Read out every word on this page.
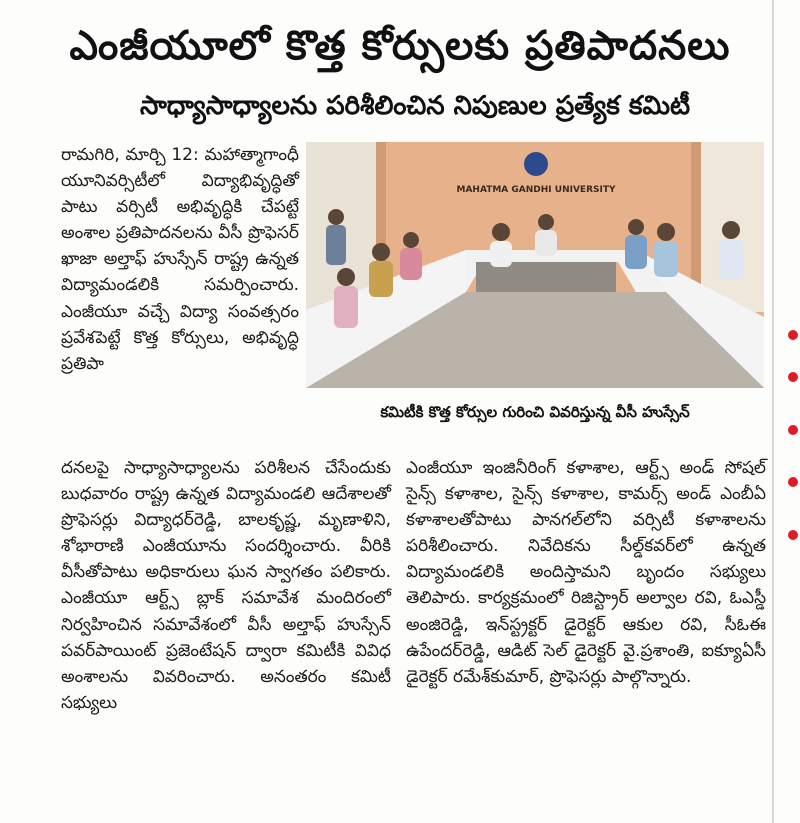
ఎంజీయూలో కొత్త కోర్సులకు ప్రతిపాదనలు
సాధ్యాసాధ్యాలను పరిశీలించిన నిపుణుల ప్రత్యేక కమిటీ

రామగిరి, మార్చి 12: మహాత్మాగాంధీ యూనివర్సిటీలో విద్యాభివృద్ధితో పాటు వర్సిటీ అభివృద్ధికి చేపట్టే అంశాల ప్రతిపాదనలను వీసీ ప్రొఫెసర్ ఖాజా అల్తాఫ్ హుస్సేన్ రాష్ట్ర ఉన్నత విద్యామండలికి సమర్పించారు. ఎంజీయూ వచ్చే విద్యా సంవత్సరం ప్రవేశపెట్టే కొత్త కోర్సులు, అభివృద్ధి ప్రతిపా

MAHATMA GANDHI UNIVERSITY
కమిటీకి కొత్త కోర్సుల గురించి వివరిస్తున్న వీసీ హుస్సేన్

దనలపై సాధ్యాసాధ్యాలను పరిశీలన చేసేందుకు బుధవారం రాష్ట్ర ఉన్నత విద్యామండలి ఆదేశాలతో ప్రొఫెసర్లు విద్యాధర్‌రెడ్డి, బాలకృష్ణ, మృణాళిని, శోభారాణి ఎంజీయూను సందర్శించారు. వీరికి వీసీతోపాటు అధికారులు ఘన స్వాగతం పలికారు. ఎంజీయూ ఆర్ట్స్ బ్లాక్ సమావేశ మందిరంలో నిర్వహించిన సమావేశంలో వీసీ అల్తాఫ్ హుస్సేన్ పవర్‌పాయింట్ ప్రజెంటేషన్ ద్వారా కమిటీకి వివిధ అంశాలను వివరించారు. అనంతరం కమిటీ సభ్యులు

ఎంజీయూ ఇంజినీరింగ్ కళాశాల, ఆర్ట్స్ అండ్ సోషల్ సైన్స్ కళాశాల, సైన్స్ కళాశాల, కామర్స్ అండ్ ఎంబీఏ కళాశాలతోపాటు పానగల్‌లోని వర్సిటీ కళాశాలను పరిశీలించారు. నివేదికను సీల్డ్‌కవర్‌లో ఉన్నత విద్యామండలికి అందిస్తామని బృందం సభ్యులు తెలిపారు. కార్యక్రమంలో రిజిస్ట్రార్ అల్వాల రవి, ఓఎస్డీ అంజిరెడ్డి, ఇన్‌స్ట్రక్టర్ డైరెక్టర్ ఆకుల రవి, సీఓఈ ఉపేందర్‌రెడ్డి, ఆడిట్ సెల్ డైరెక్టర్ వై.ప్రశాంతి, ఐక్యూఏసీ డైరెక్టర్ రమేశ్‌కుమార్, ప్రొఫెసర్లు పాల్గొన్నారు.
